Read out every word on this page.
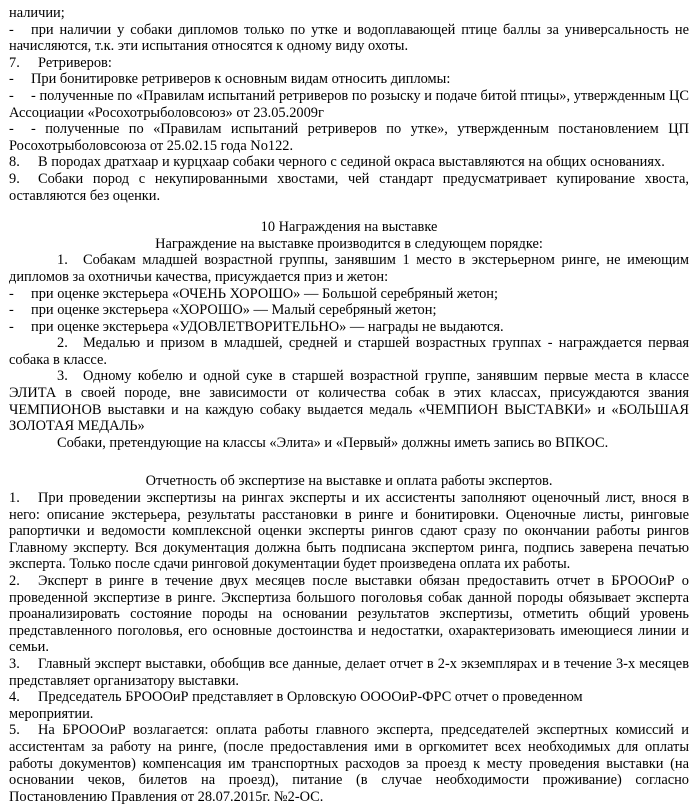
наличии;

- при наличии у собаки дипломов только по утке и водоплавающей птице баллы за универсальность не начисляются, т.к. эти испытания относятся к одному виду охоты.

7. Ретриверов:

- При бонитировке ретриверов к основным видам относить дипломы:

- - полученные по «Правилам испытаний ретриверов по розыску и подаче битой птицы», утвержденным ЦС Ассоциации «Росохотрыболовсоюз» от 23.05.2009г

- - полученные по «Правилам испытаний ретриверов по утке», утвержденным постановлением ЦП Росохотрыболовсоюза от 25.02.15 года No122.

8. В породах дратхаар и курцхаар собаки черного с сединой окраса выставляются на общих основаниях.

9. Собаки пород с некупированными хвостами, чей стандарт предусматривает купирование хвоста, оставляются без оценки.

10 Награждения на выставке

Награждение на выставке производится в следующем порядке:

1. Собакам младшей возрастной группы, занявшим 1 место в экстерьерном ринге, не имеющим дипломов за охотничьи качества, присуждается приз и жетон:

- при оценке экстерьера «ОЧЕНЬ ХОРОШО» — Большой серебряный жетон;

- при оценке экстерьера «ХОРОШО» — Малый серебряный жетон;

- при оценке экстерьера «УДОВЛЕТВОРИТЕЛЬНО» — награды не выдаются.

2. Медалью и призом в младшей, средней и старшей возрастных группах - награждается первая собака в классе.

3. Одному кобелю и одной суке в старшей возрастной группе, занявшим первые места в классе ЭЛИТА в своей породе, вне зависимости от количества собак в этих классах, присуждаются звания ЧЕМПИОНОВ выставки и на каждую собаку выдается медаль «ЧЕМПИОН ВЫСТАВКИ» и «БОЛЬШАЯ ЗОЛОТАЯ МЕДАЛЬ»

Собаки, претендующие на классы «Элита» и «Первый» должны иметь запись во ВПКОС.

Отчетность об экспертизе на выставке и оплата работы экспертов.

1. При проведении экспертизы на рингах эксперты и их ассистенты заполняют оценочный лист, внося в него: описание экстерьера, результаты расстановки в ринге и бонитировки. Оценочные листы, ринговые рапортички и ведомости комплексной оценки эксперты рингов сдают сразу по окончании работы рингов Главному эксперту. Вся документация должна быть подписана экспертом ринга, подпись заверена печатью эксперта. Только после сдачи ринговой документации будет произведена оплата их работы.

2. Эксперт в ринге в течение двух месяцев после выставки обязан предоставить отчет в БРОООиР о проведенной экспертизе в ринге. Экспертиза большого поголовья собак данной породы обязывает эксперта проанализировать состояние породы на основании результатов экспертизы, отметить общий уровень представленного поголовья, его основные достоинства и недостатки, охарактеризовать имеющиеся линии и семьи.

3. Главный эксперт выставки, обобщив все данные, делает отчет в 2-х экземплярах и в течение 3-х месяцев представляет организатору выставки.

4. Председатель БРОООиР представляет в Орловскую ООООиР-ФРС отчет о проведенном
мероприятии.

5. На БРОООиР возлагается: оплата работы главного эксперта, председателей экспертных комиссий и ассистентам за работу на ринге, (после предоставления ими в оргкомитет всех необходимых для оплаты работы документов) компенсация им транспортных расходов за проезд к месту проведения выставки (на основании чеков, билетов на проезд), питание (в случае необходимости проживание) согласно Постановлению Правления от 28.07.2015г. №2-ОС.
